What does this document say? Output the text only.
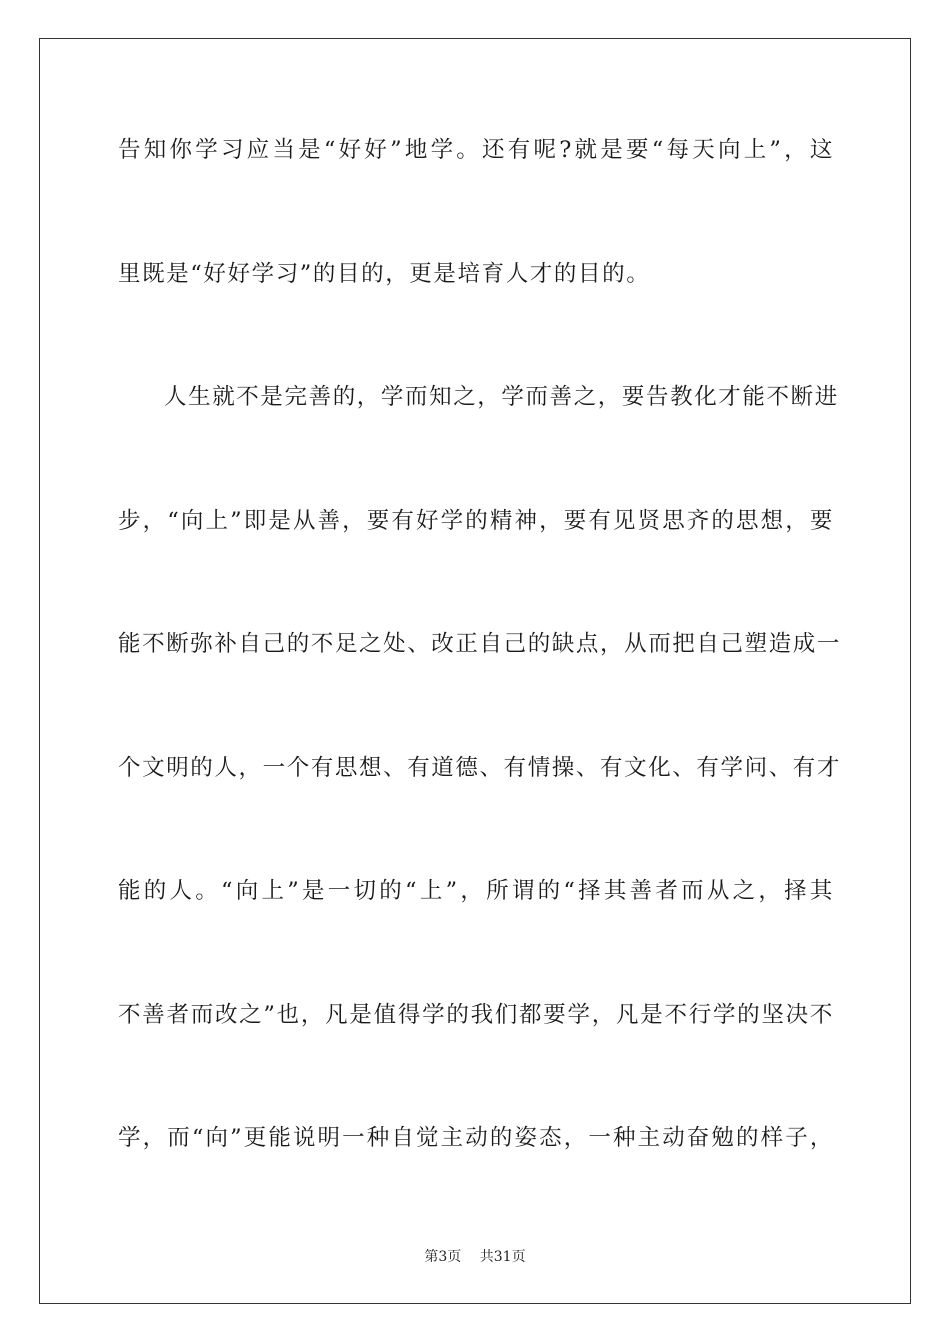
告知你学习应当是“好好”地学。还有呢?就是要“每天向上”，这
里既是“好好学习”的目的，更是培育人才的目的。
人生就不是完善的，学而知之，学而善之，要告教化才能不断进
步，“向上”即是从善，要有好学的精神，要有见贤思齐的思想，要
能不断弥补自己的不足之处、改正自己的缺点，从而把自己塑造成一
个文明的人，一个有思想、有道德、有情操、有文化、有学问、有才
能的人。“向上”是一切的“上”，所谓的“择其善者而从之，择其
不善者而改之”也，凡是值得学的我们都要学，凡是不行学的坚决不
学，而“向”更能说明一种自觉主动的姿态，一种主动奋勉的样子，
第3页 共31页
